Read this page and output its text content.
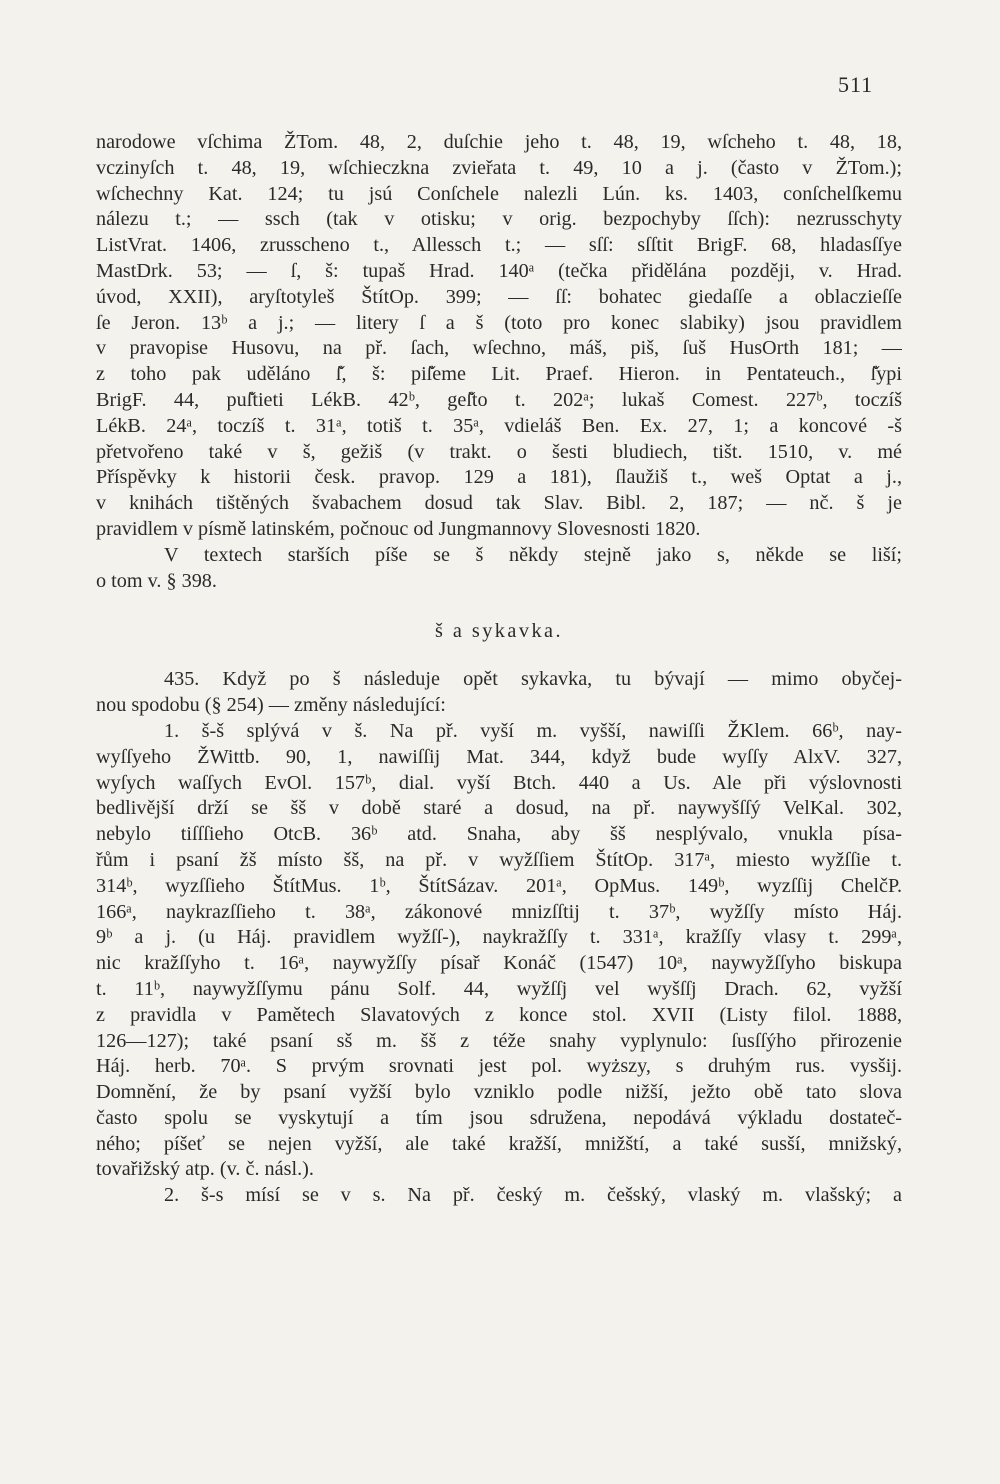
511
narodowe vſchima ŽTom. 48, 2, duſchie jeho t. 48, 19, wſcheho t. 48, 18,
vczinyſch t. 48, 19, wſchieczkna zvieřata t. 49, 10 a j. (často v ŽTom.);
wſchechny Kat. 124; tu jsú Conſchele nalezli Lún. ks. 1403, conſchelſkemu
nálezu t.; — ssch (tak v otisku; v orig. bezpochyby ſſch): nezrusschyty
ListVrat. 1406, zrusscheno t., Allessch t.; — sſſ: sſſtit BrigF. 68, hladasſſye
MastDrk. 53; — ſ, š: tupaš Hrad. 140ᵃ (tečka přidělána později, v. Hrad.
úvod, XXII), aryſtotyleš ŠtítOp. 399; — ſſ: bohatec giedaſſe a oblaczieſſe
ſe Jeron. 13ᵇ a j.; — litery ſ a š (toto pro konec slabiky) jsou pravidlem
v pravopise Husovu, na př. ſach, wſechno, máš, piš, ſuš HusOrth 181; —
z toho pak uděláno ſ̌, š: piſ̌eme Lit. Praef. Hieron. in Pentateuch., ſ̌ypi
BrigF. 44, puſ̌tieti LékB. 42ᵇ, geſ̌to t. 202ᵃ; lukaš Comest. 227ᵇ, toczíš
LékB. 24ᵃ, toczíš t. 31ᵃ, totiš t. 35ᵃ, vdieláš Ben. Ex. 27, 1; a koncové -š
přetvořeno také v š, gežiš (v trakt. o šesti bludiech, tišt. 1510, v. mé
Příspěvky k historii česk. pravop. 129 a 181), ſlaužiš t., weš Optat a j.,
v knihách tištěných švabachem dosud tak Slav. Bibl. 2, 187; — nč. š je
pravidlem v písmě latinském, počnouc od Jungmannovy Slovesnosti 1820.
V textech starších píše se š někdy stejně jako s, někde se liší;
o tom v. § 398.
š a sykavka.
435. Když po š následuje opět sykavka, tu bývají — mimo obyčej-
nou spodobu (§ 254) — změny následující:
1. š-š splývá v š. Na př. vyší m. vyšší, nawiſſi ŽKlem. 66ᵇ, nay-
wyſſyeho ŽWittb. 90, 1, nawiſſij Mat. 344, když bude wyſſy AlxV. 327,
wyſych waſſych EvOl. 157ᵇ, dial. vyší Btch. 440 a Us. Ale při výslovnosti
bedlivější drží se šš v době staré a dosud, na př. naywyšſſý VelKal. 302,
nebylo tiſſſieho OtcB. 36ᵇ atd. Snaha, aby šš nesplývalo, vnukla písa-
řům i psaní žš místo šš, na př. v wyžſſiem ŠtítOp. 317ᵃ, miesto wyžſſie t.
314ᵇ, wyzſſieho ŠtítMus. 1ᵇ, ŠtítSázav. 201ᵃ, OpMus. 149ᵇ, wyzſſij ChelčP.
166ᵃ, naykrazſſieho t. 38ᵃ, zákonové mnizſſtij t. 37ᵇ, wyžſſy místo Háj.
9ᵇ a j. (u Háj. pravidlem wyžſſ-), naykražſſy t. 331ᵃ, kražſſy vlasy t. 299ᵃ,
nic kražſſyho t. 16ᵃ, naywyžſſy písař Konáč (1547) 10ᵃ, naywyžſſyho biskupa
t. 11ᵇ, naywyžſſymu pánu Solf. 44, wyžſſj vel wyšſſj Drach. 62, vyžší
z pravidla v Pamětech Slavatových z konce stol. XVII (Listy filol. 1888,
126—127); také psaní sš m. šš z téže snahy vyplynulo: ſusſſýho přirozenie
Háj. herb. 70ᵃ. S prvým srovnati jest pol. wyższy, s druhým rus. vysšij.
Domnění, že by psaní vyžší bylo vzniklo podle nižší, ježto obě tato slova
často spolu se vyskytují a tím jsou sdružena, nepodává výkladu dostateč-
ného; píšeť se nejen vyžší, ale také kražší, mnižští, a také susší, mnižský,
tovařižský atp. (v. č. násl.).
2. š-s mísí se v s. Na př. český m. češský, vlaský m. vlašský; a
